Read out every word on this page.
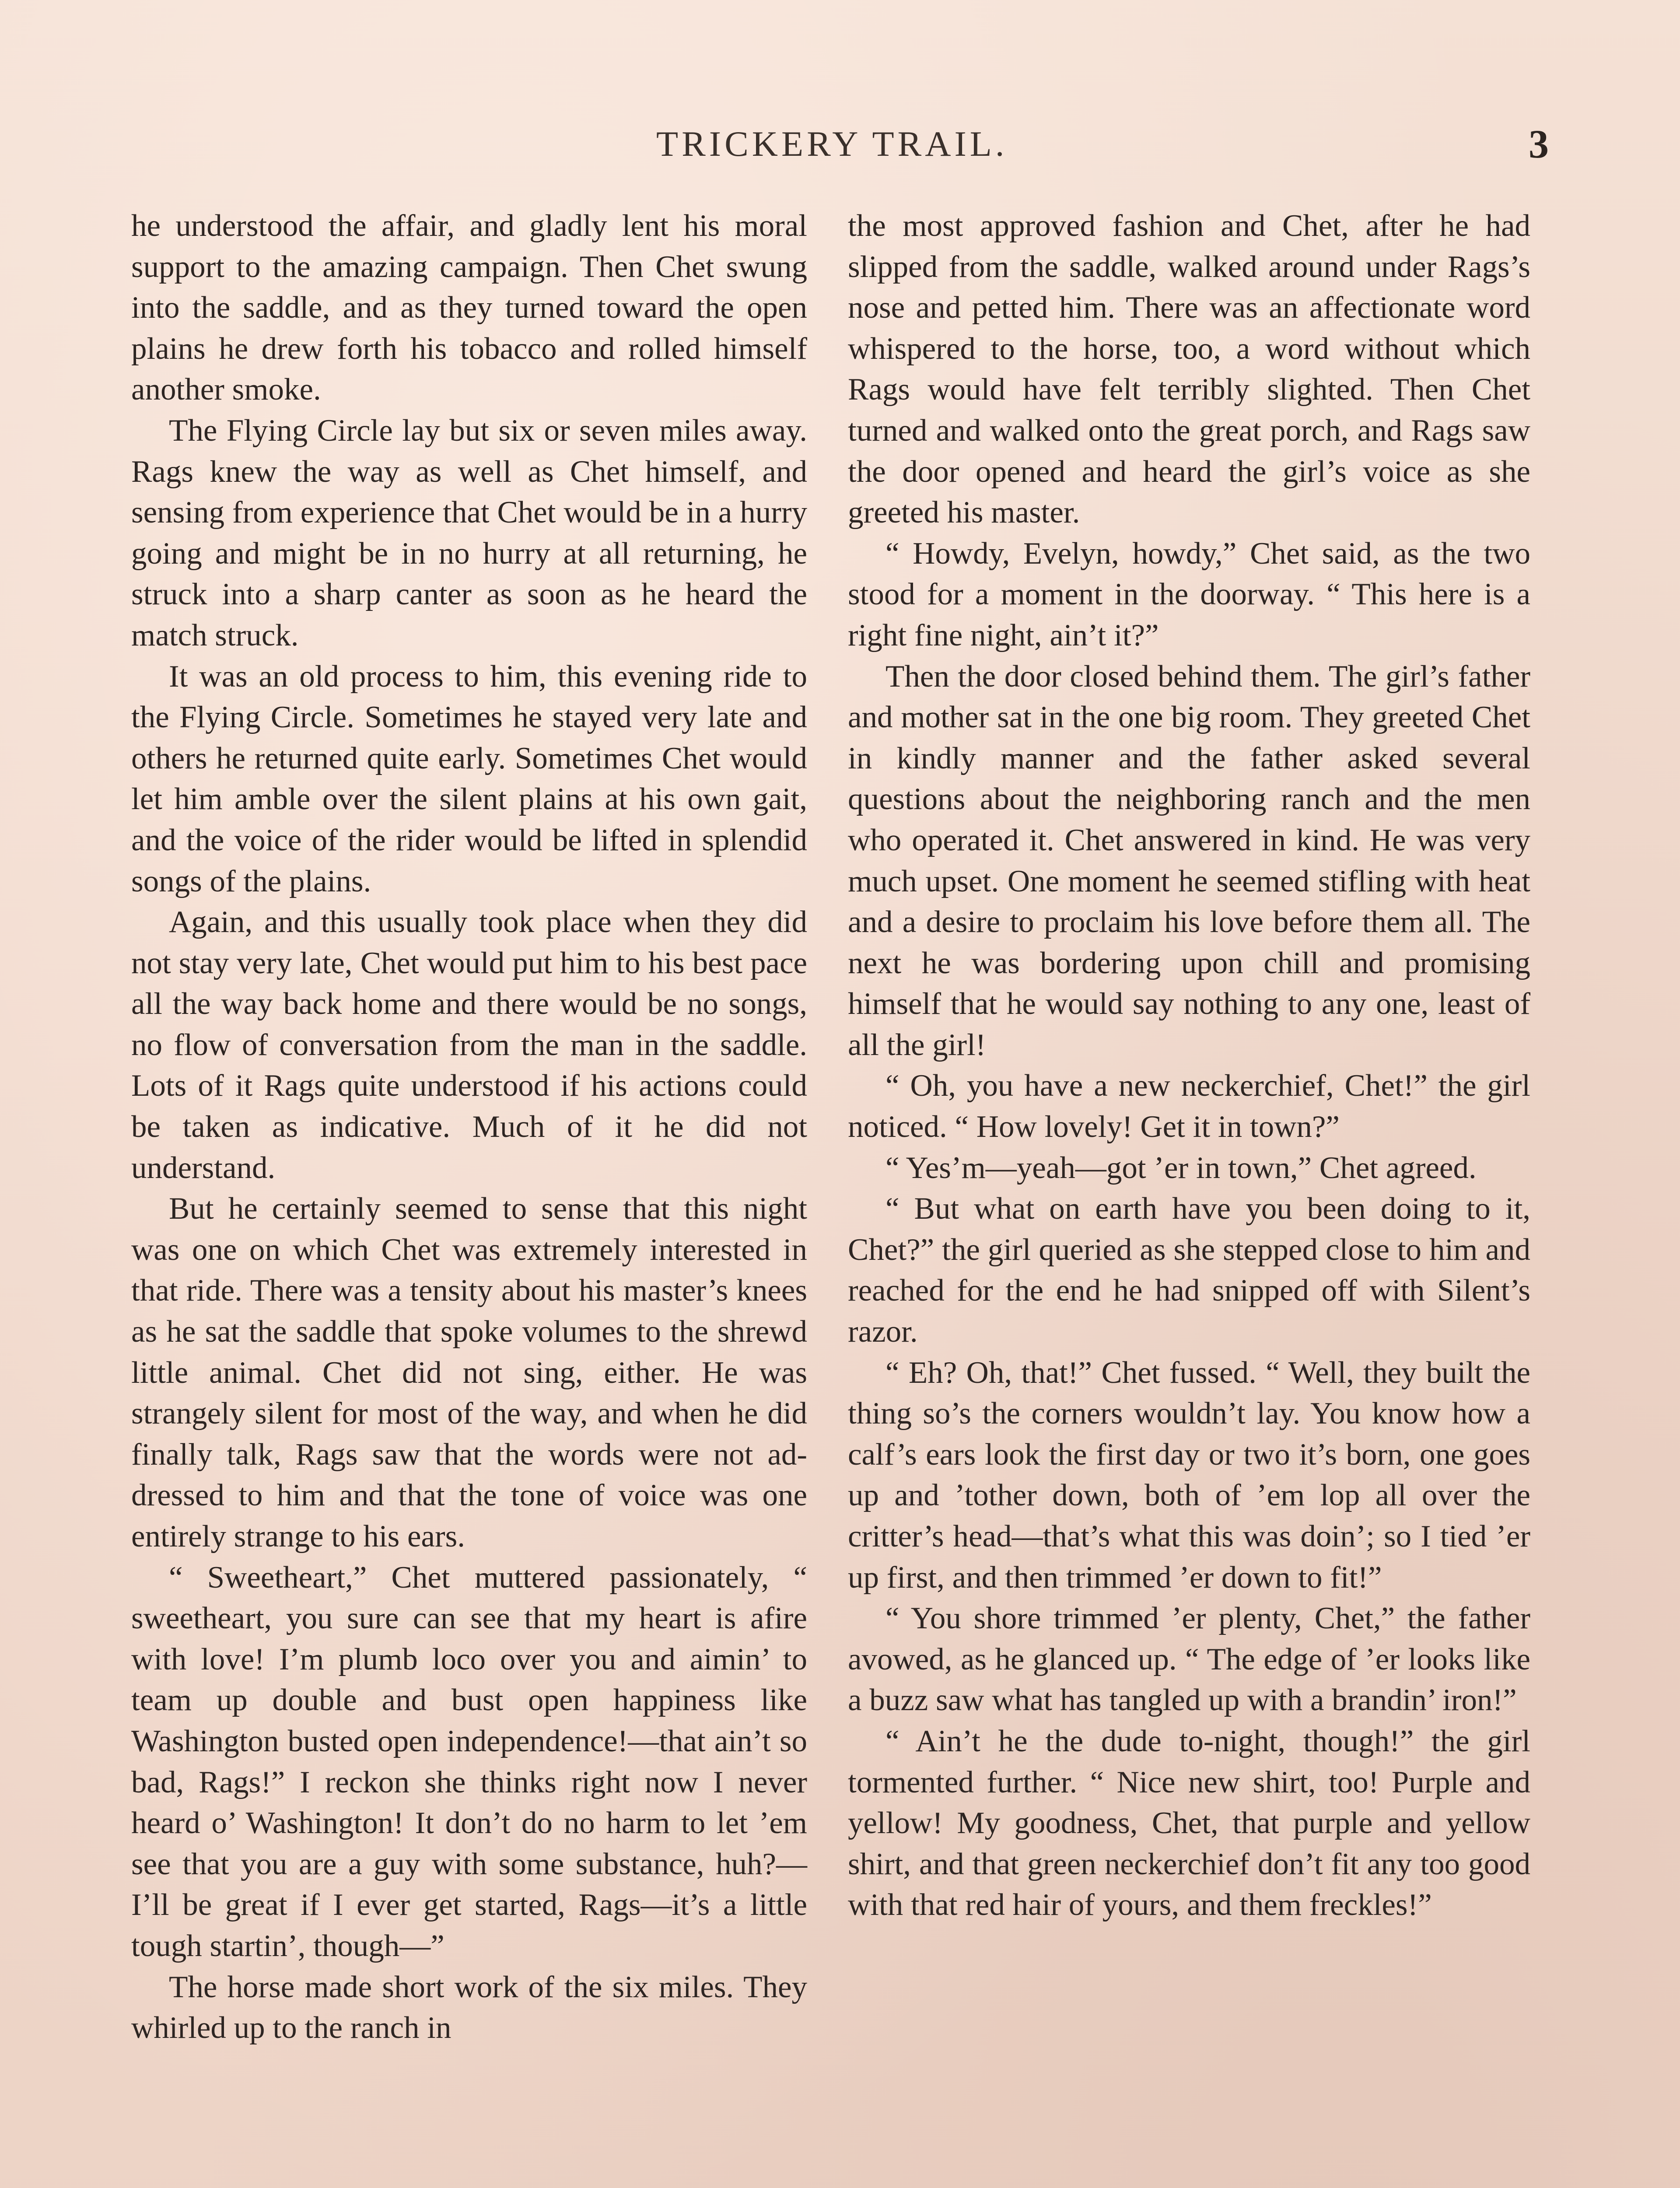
TRICKERY TRAIL.	3

he understood the affair, and gladly lent his moral support to the amazing campaign. Then Chet swung into the saddle, and as they turned toward the open plains he drew forth his tobacco and rolled himself another smoke.

The Flying Circle lay but six or seven miles away. Rags knew the way as well as Chet himself, and sensing from experience that Chet would be in a hurry going and might be in no hurry at all returning, he struck into a sharp canter as soon as he heard the match struck.

It was an old process to him, this evening ride to the Flying Circle. Sometimes he stayed very late and others he returned quite early. Sometimes Chet would let him amble over the silent plains at his own gait, and the voice of the rider would be lifted in splendid songs of the plains.

Again, and this usually took place when they did not stay very late, Chet would put him to his best pace all the way back home and there would be no songs, no flow of conversation from the man in the saddle. Lots of it Rags quite understood if his actions could be taken as indicative. Much of it he did not understand.

But he certainly seemed to sense that this night was one on which Chet was extremely interested in that ride. There was a tensity about his master’s knees as he sat the saddle that spoke volumes to the shrewd little animal. Chet did not sing, either. He was strangely silent for most of the way, and when he did finally talk, Rags saw that the words were not addressed to him and that the tone of voice was one entirely strange to his ears.

“ Sweetheart,” Chet muttered passionately, “ sweetheart, you sure can see that my heart is afire with love! I’m plumb loco over you and aimin’ to team up double and bust open happiness like Washington busted open independence!—that ain’t so bad, Rags!” I reckon she thinks right now I never heard o’ Washington! It don’t do no harm to let ’em see that you are a guy with some substance, huh?—I’ll be great if I ever get started, Rags—it’s a little tough startin’, though—”

The horse made short work of the six miles. They whirled up to the ranch in

the most approved fashion and Chet, after he had slipped from the saddle, walked around under Rags’s nose and petted him. There was an affectionate word whispered to the horse, too, a word without which Rags would have felt terribly slighted. Then Chet turned and walked onto the great porch, and Rags saw the door opened and heard the girl’s voice as she greeted his master.

“ Howdy, Evelyn, howdy,” Chet said, as the two stood for a moment in the doorway. “ This here is a right fine night, ain’t it?”

Then the door closed behind them. The girl’s father and mother sat in the one big room. They greeted Chet in kindly manner and the father asked several questions about the neighboring ranch and the men who operated it. Chet answered in kind. He was very much upset. One moment he seemed stifling with heat and a desire to proclaim his love before them all. The next he was bordering upon chill and promising himself that he would say nothing to any one, least of all the girl!

“ Oh, you have a new neckerchief, Chet!” the girl noticed. “ How lovely! Get it in town?”

“ Yes’m—yeah—got ’er in town,” Chet agreed.

“ But what on earth have you been doing to it, Chet?” the girl queried as she stepped close to him and reached for the end he had snipped off with Silent’s razor.

“ Eh? Oh, that!” Chet fussed. “ Well, they built the thing so’s the corners wouldn’t lay. You know how a calf’s ears look the first day or two it’s born, one goes up and ’tother down, both of ’em lop all over the critter’s head—that’s what this was doin’; so I tied ’er up first, and then trimmed ’er down to fit!”

“ You shore trimmed ’er plenty, Chet,” the father avowed, as he glanced up. “ The edge of ’er looks like a buzz saw what has tangled up with a brandin’ iron!”

“ Ain’t he the dude to-night, though!” the girl tormented further. “ Nice new shirt, too! Purple and yellow! My goodness, Chet, that purple and yellow shirt, and that green neckerchief don’t fit any too good with that red hair of yours, and them freckles!”
